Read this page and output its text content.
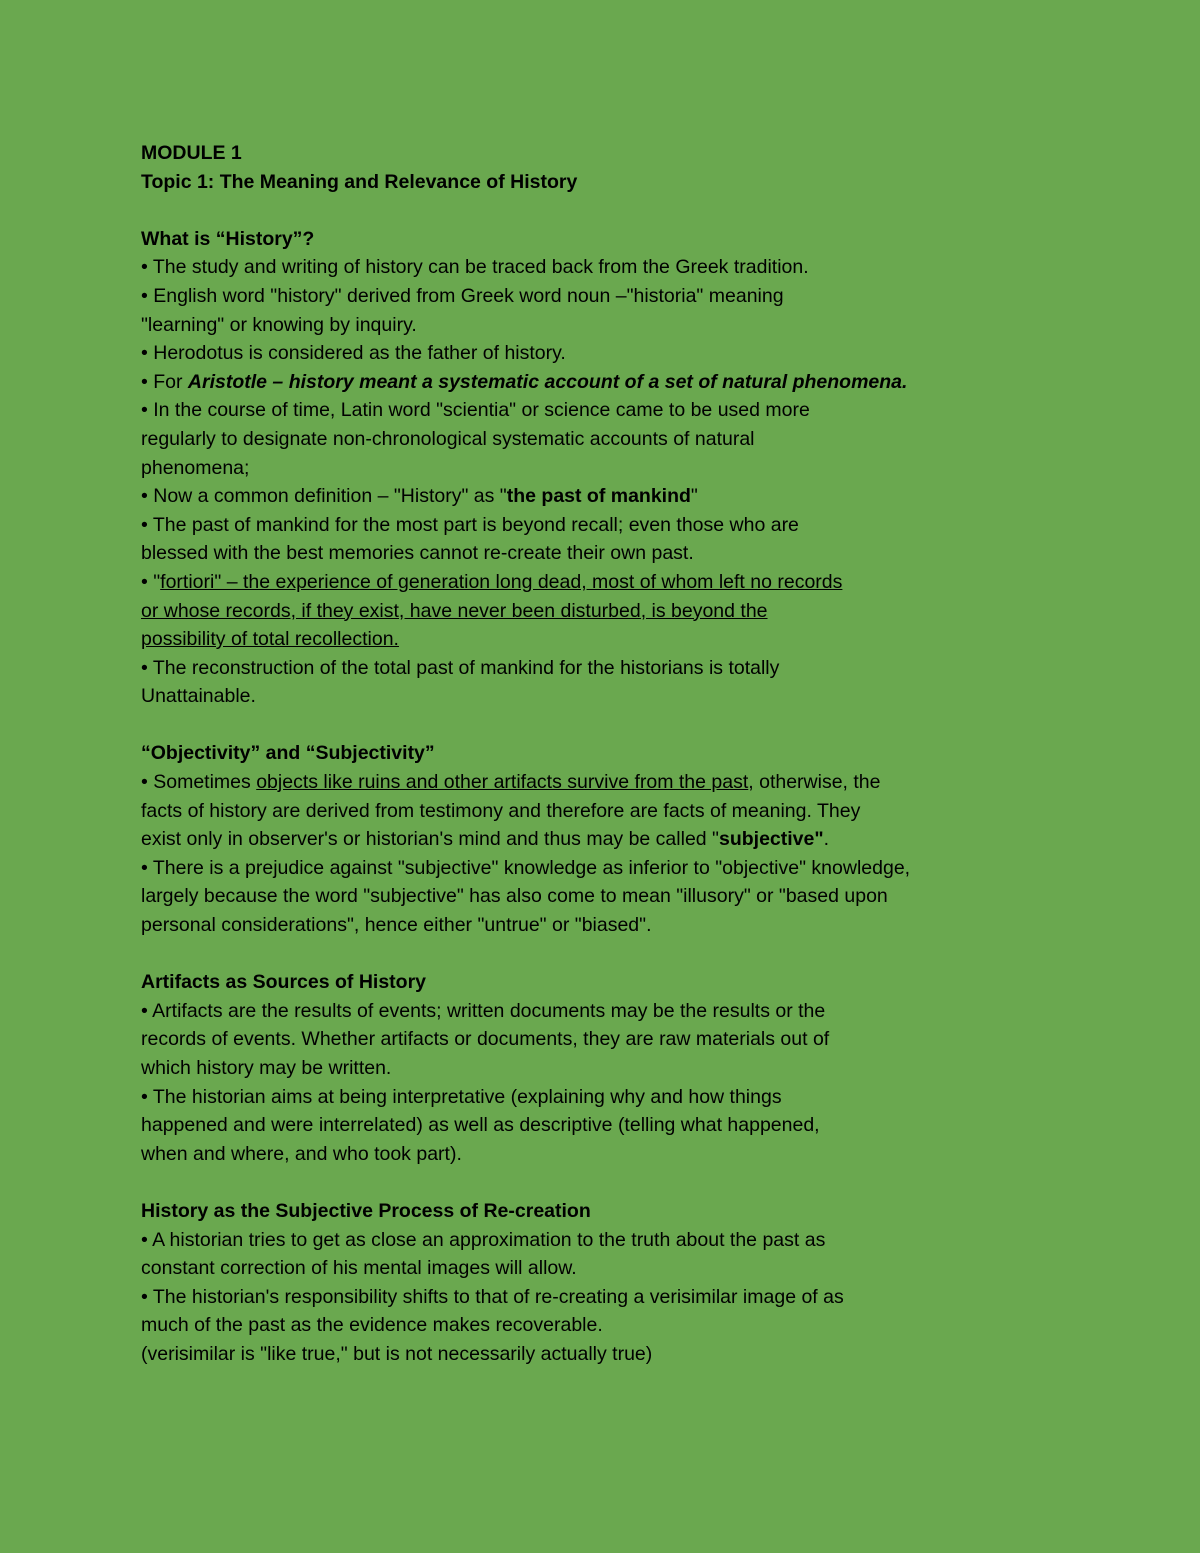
MODULE 1
Topic 1: The Meaning and Relevance of History
What is “History”?
• The study and writing of history can be traced back from the Greek tradition.
• English word "history" derived from Greek word noun –"historia" meaning
"learning" or knowing by inquiry.
• Herodotus is considered as the father of history.
• For Aristotle – history meant a systematic account of a set of natural phenomena.
• In the course of time, Latin word "scientia" or science came to be used more
regularly to designate non-chronological systematic accounts of natural
phenomena;
• Now a common definition – "History" as "the past of mankind"
• The past of mankind for the most part is beyond recall; even those who are
blessed with the best memories cannot re-create their own past.
• "fortiori" – the experience of generation long dead, most of whom left no records
or whose records, if they exist, have never been disturbed, is beyond the
possibility of total recollection.
• The reconstruction of the total past of mankind for the historians is totally
Unattainable.
“Objectivity” and “Subjectivity”
• Sometimes objects like ruins and other artifacts survive from the past, otherwise, the
facts of history are derived from testimony and therefore are facts of meaning. They
exist only in observer's or historian's mind and thus may be called "subjective".
• There is a prejudice against "subjective" knowledge as inferior to "objective" knowledge,
largely because the word "subjective" has also come to mean "illusory" or "based upon
personal considerations", hence either "untrue" or "biased".
Artifacts as Sources of History
• Artifacts are the results of events; written documents may be the results or the
records of events. Whether artifacts or documents, they are raw materials out of
which history may be written.
• The historian aims at being interpretative (explaining why and how things
happened and were interrelated) as well as descriptive (telling what happened,
when and where, and who took part).
History as the Subjective Process of Re-creation
• A historian tries to get as close an approximation to the truth about the past as
constant correction of his mental images will allow.
• The historian's responsibility shifts to that of re-creating a verisimilar image of as
much of the past as the evidence makes recoverable.
(verisimilar is "like true," but is not necessarily actually true)
